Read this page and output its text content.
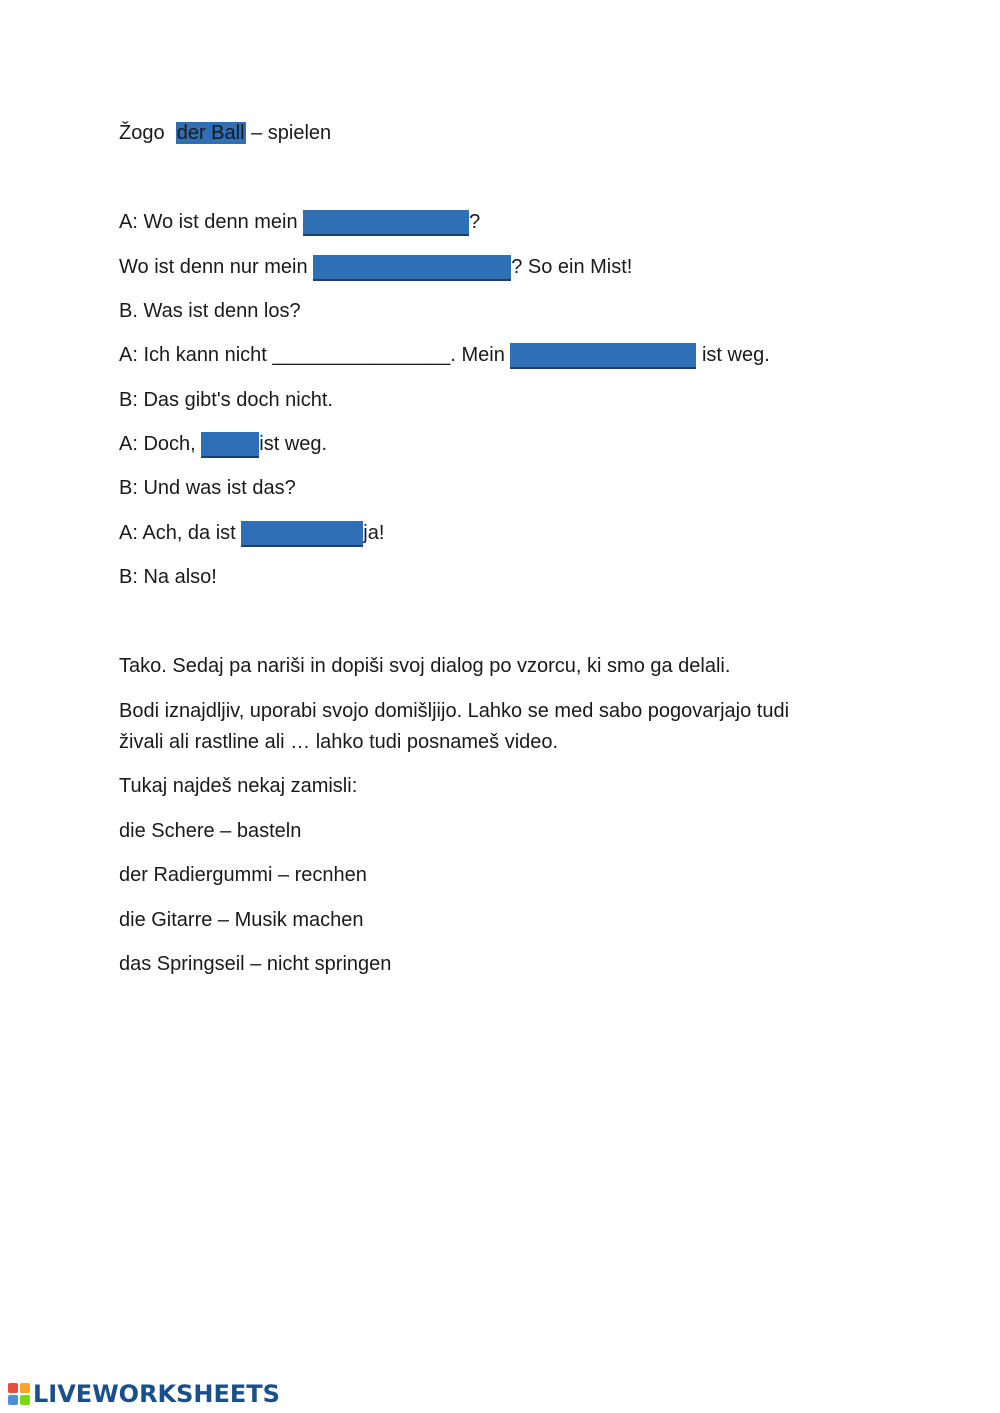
Žogo der Ball – spielen
A: Wo ist denn mein	?
Wo ist denn nur mein	? So ein Mist!
B. Was ist denn los?
A: Ich kann nicht ________________. Mein	ist weg.
B: Das gibt's doch nicht.
A: Doch,	ist weg.
B: Und was ist das?
A: Ach, da ist	ja!
B: Na also!
Tako. Sedaj pa nariši in dopiši svoj dialog po vzorcu, ki smo ga delali.
Bodi iznajdljiv, uporabi svojo domišljijo. Lahko se med sabo pogovarjajo tudi
živali ali rastline ali … lahko tudi posnameš video.
Tukaj najdeš nekaj zamisli:
die Schere – basteln
der Radiergummi – recnhen
die Gitarre – Musik machen
das Springseil – nicht springen
LIVEWORKSHEETS
